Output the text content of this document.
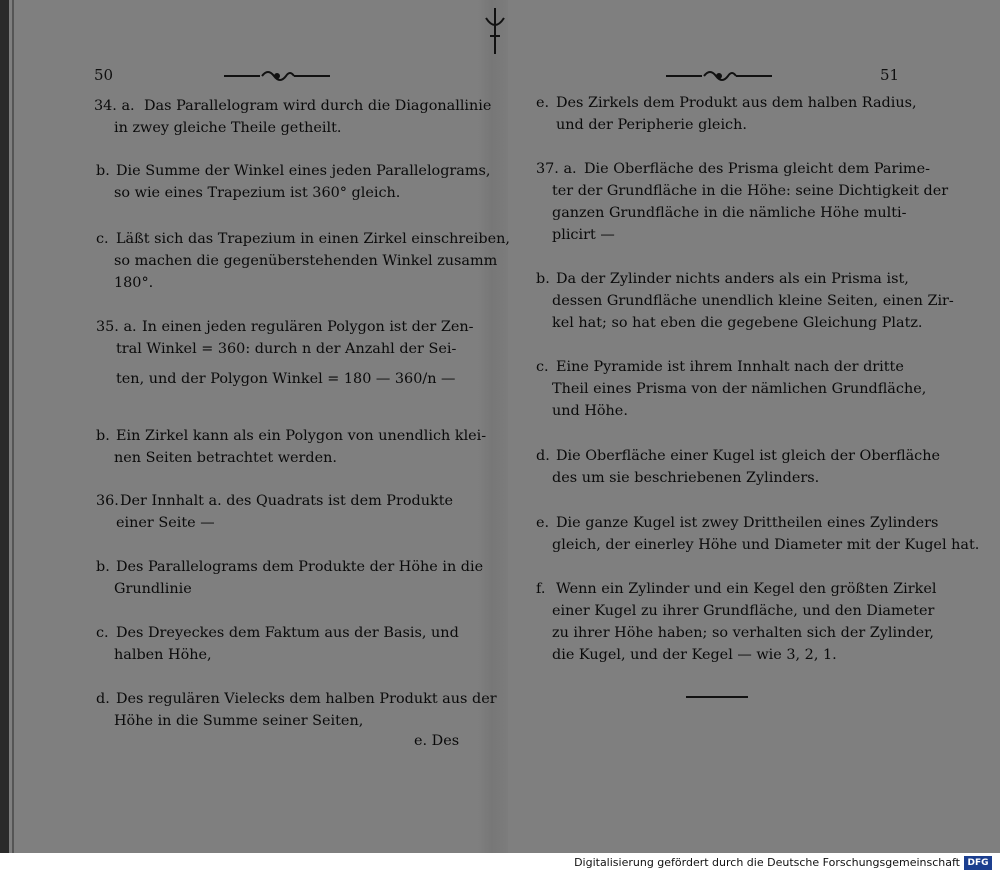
50
34. a. Das Parallelogram wird durch die Diagonallinie
in zwey gleiche Theile getheilt.
b. Die Summe der Winkel eines jeden Parallelograms,
so wie eines Trapezium ist 360° gleich.
c. Läßt sich das Trapezium in einen Zirkel einschreiben,
so machen die gegenüberstehenden Winkel zusamm
180°.
35. a. In einen jeden regulären Polygon ist der Zen-
tral Winkel = 360: durch n der Anzahl der Sei-
ten, und der Polygon Winkel = 180 — 360/n —
b. Ein Zirkel kann als ein Polygon von unendlich klei-
nen Seiten betrachtet werden.
36.Der Innhalt a. des Quadrats ist dem Produkte
einer Seite —
b. Des Parallelograms dem Produkte der Höhe in die
Grundlinie
c. Des Dreyeckes dem Faktum aus der Basis, und
halben Höhe,
d. Des regulären Vielecks dem halben Produkt aus der
Höhe in die Summe seiner Seiten,
e. Des
51
e. Des Zirkels dem Produkt aus dem halben Radius,
und der Peripherie gleich.
37. a. Die Oberfläche des Prisma gleicht dem Parime-
ter der Grundfläche in die Höhe: seine Dichtigkeit der
ganzen Grundfläche in die nämliche Höhe multi-
plicirt —
b. Da der Zylinder nichts anders als ein Prisma ist,
dessen Grundfläche unendlich kleine Seiten, einen Zir-
kel hat; so hat eben die gegebene Gleichung Platz.
c. Eine Pyramide ist ihrem Innhalt nach der dritte
Theil eines Prisma von der nämlichen Grundfläche,
und Höhe.
d. Die Oberfläche einer Kugel ist gleich der Oberfläche
des um sie beschriebenen Zylinders.
e. Die ganze Kugel ist zwey Drittheilen eines Zylinders
gleich, der einerley Höhe und Diameter mit der Kugel hat.
f. Wenn ein Zylinder und ein Kegel den größten Zirkel
einer Kugel zu ihrer Grundfläche, und den Diameter
zu ihrer Höhe haben; so verhalten sich der Zylinder,
die Kugel, und der Kegel — wie 3, 2, 1.
Digitalisierung gefördert durch die Deutsche Forschungsgemeinschaft DFG
